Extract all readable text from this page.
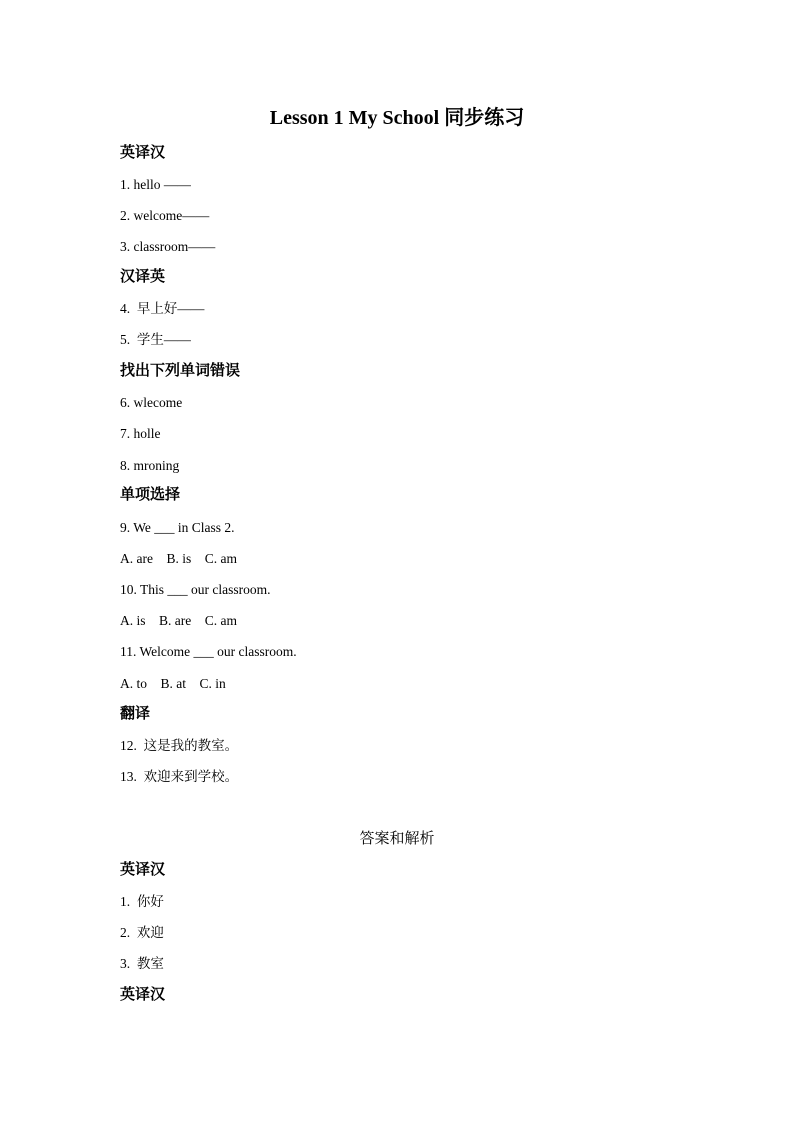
Lesson 1 My School 同步练习
英译汉
1. hello ——
2. welcome——
3. classroom——
汉译英
4.  早上好——
5.  学生——
找出下列单词错误
6. wlecome
7. holle
8. mroning
单项选择
9. We ___ in Class 2.
A. are    B. is    C. am
10. This ___ our classroom.
A. is    B. are    C. am
11. Welcome ___ our classroom.
A. to    B. at    C. in
翻译
12.  这是我的教室。
13.  欢迎来到学校。
答案和解析
英译汉
1.  你好
2.  欢迎
3.  教室
英译汉
